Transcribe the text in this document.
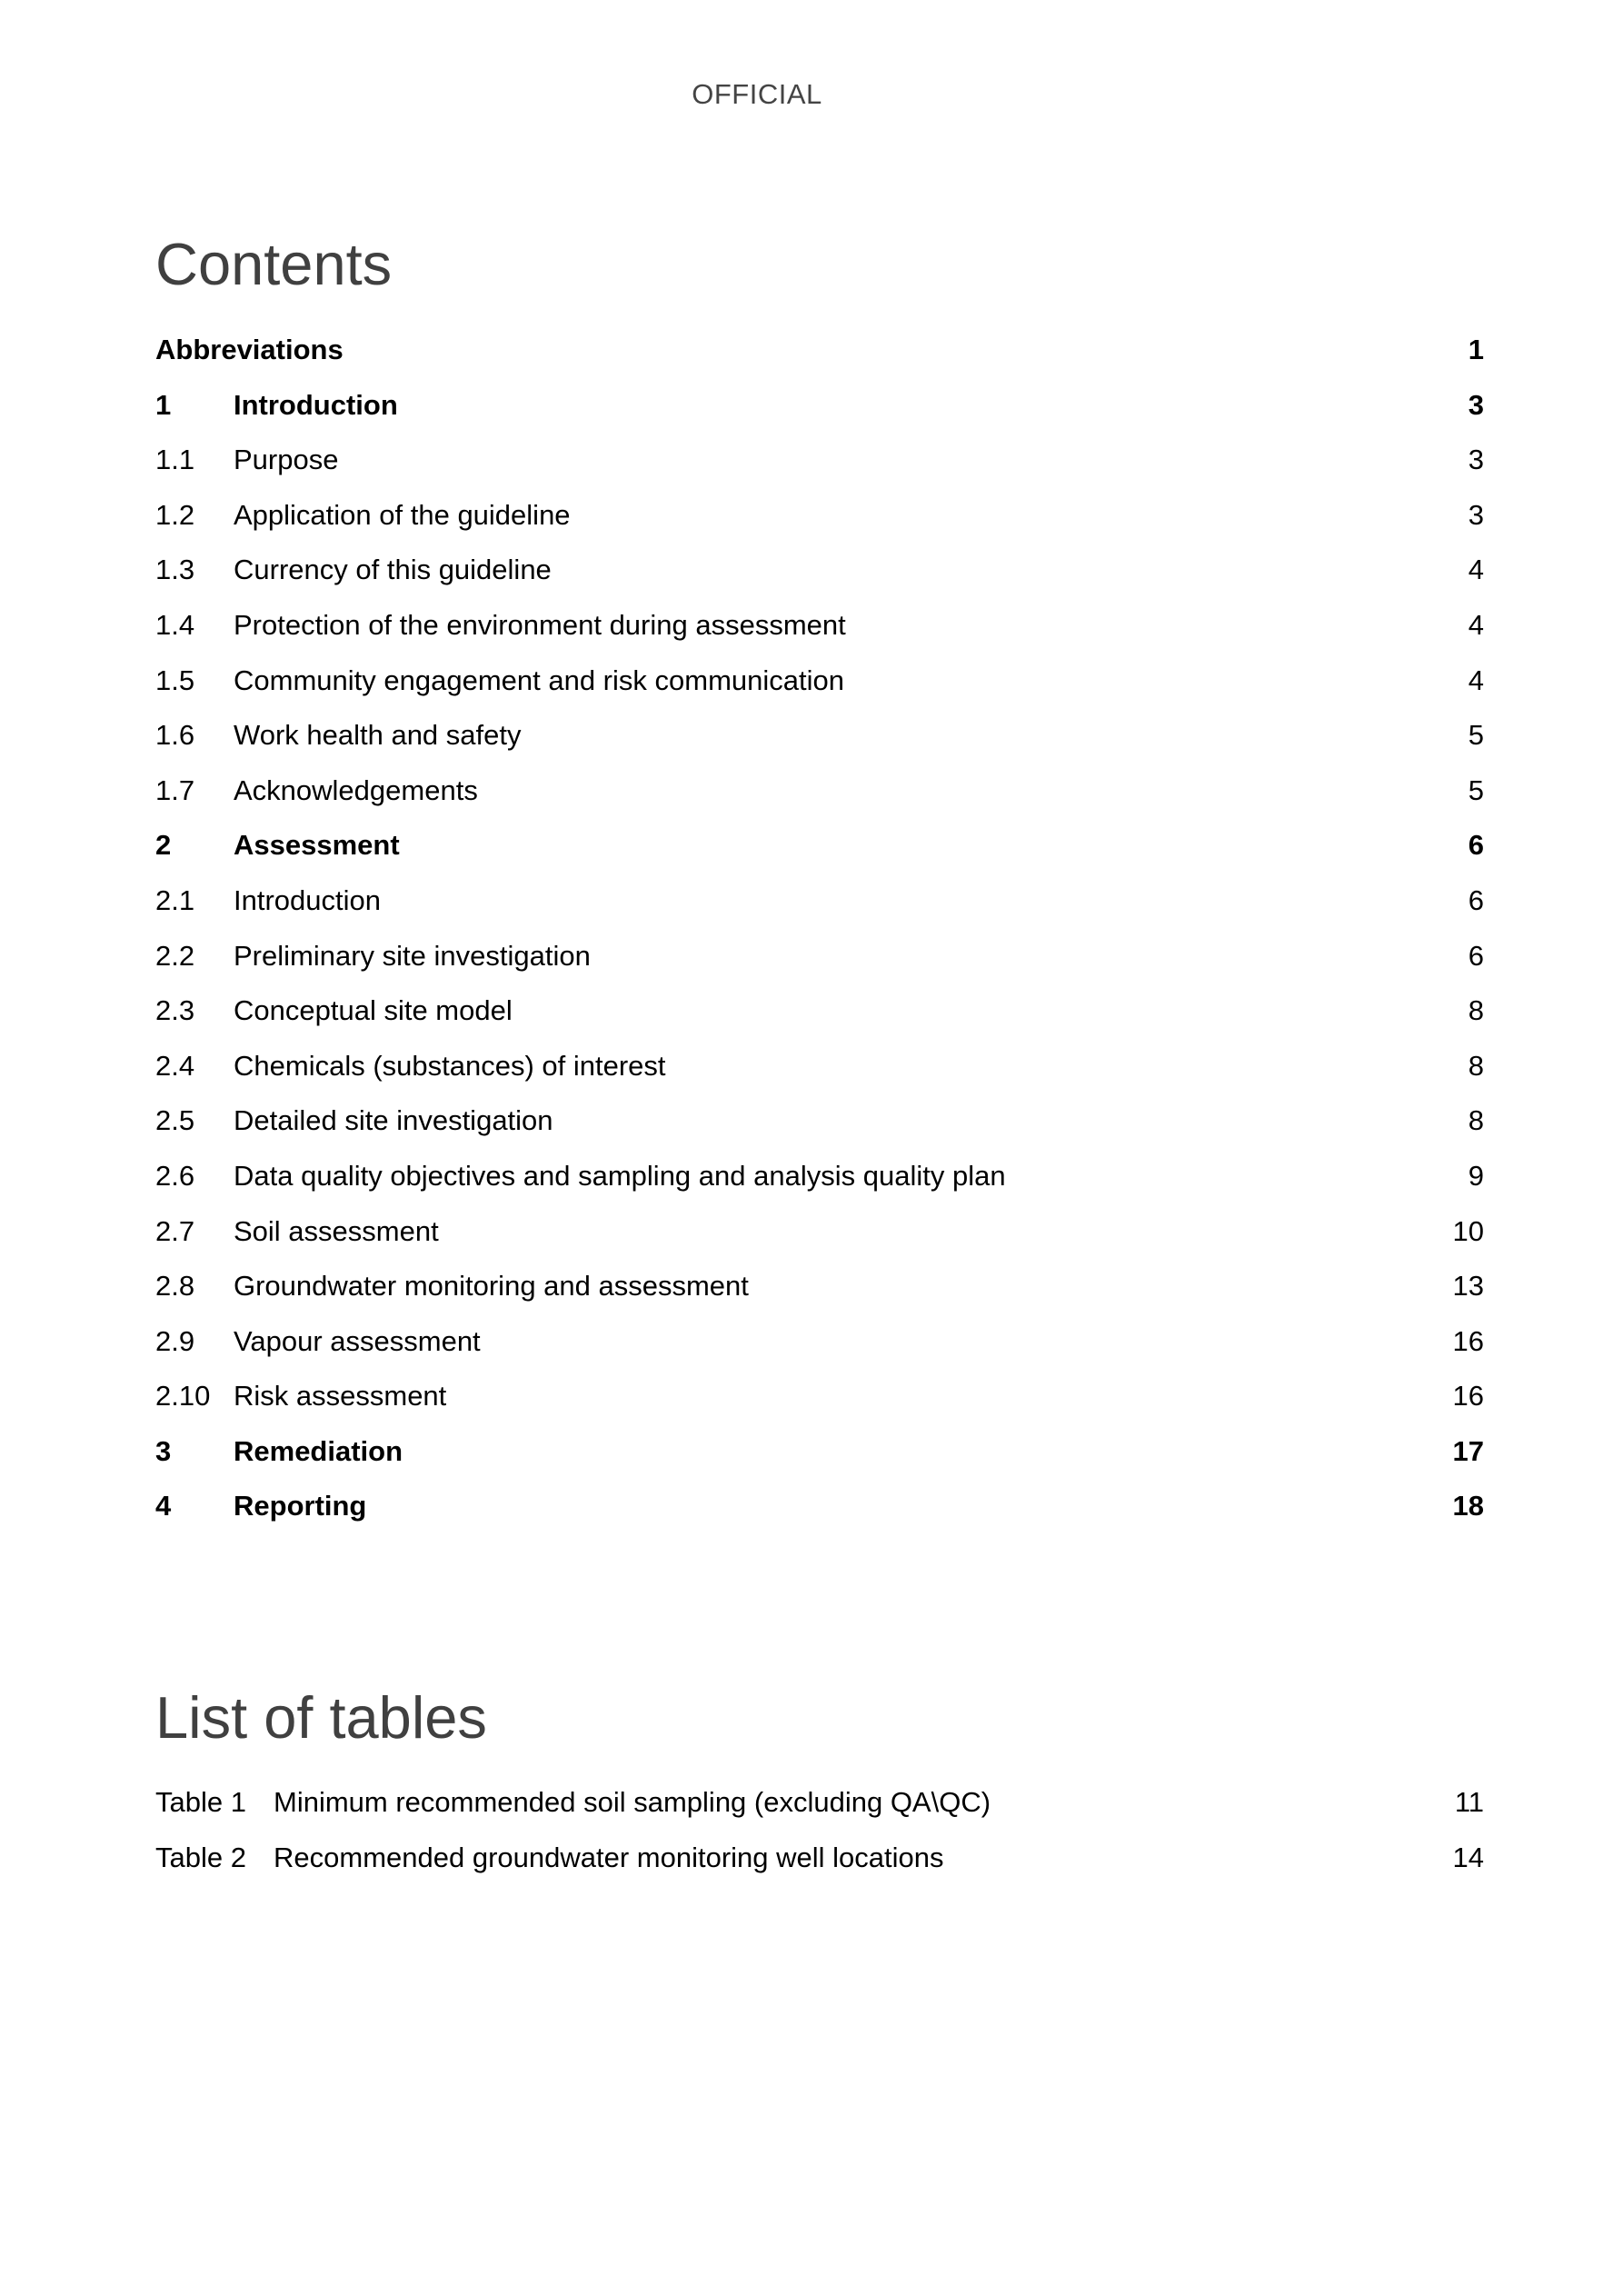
OFFICIAL
Contents
Abbreviations	1
1 Introduction	3
1.1 Purpose	3
1.2 Application of the guideline	3
1.3 Currency of this guideline	4
1.4 Protection of the environment during assessment	4
1.5 Community engagement and risk communication	4
1.6 Work health and safety	5
1.7 Acknowledgements	5
2 Assessment	6
2.1 Introduction	6
2.2 Preliminary site investigation	6
2.3 Conceptual site model	8
2.4 Chemicals (substances) of interest	8
2.5 Detailed site investigation	8
2.6 Data quality objectives and sampling and analysis quality plan	9
2.7 Soil assessment	10
2.8 Groundwater monitoring and assessment	13
2.9 Vapour assessment	16
2.10 Risk assessment	16
3 Remediation	17
4 Reporting	18
List of tables
Table 1 Minimum recommended soil sampling (excluding QA\QC)	11
Table 2 Recommended groundwater monitoring well locations	14
